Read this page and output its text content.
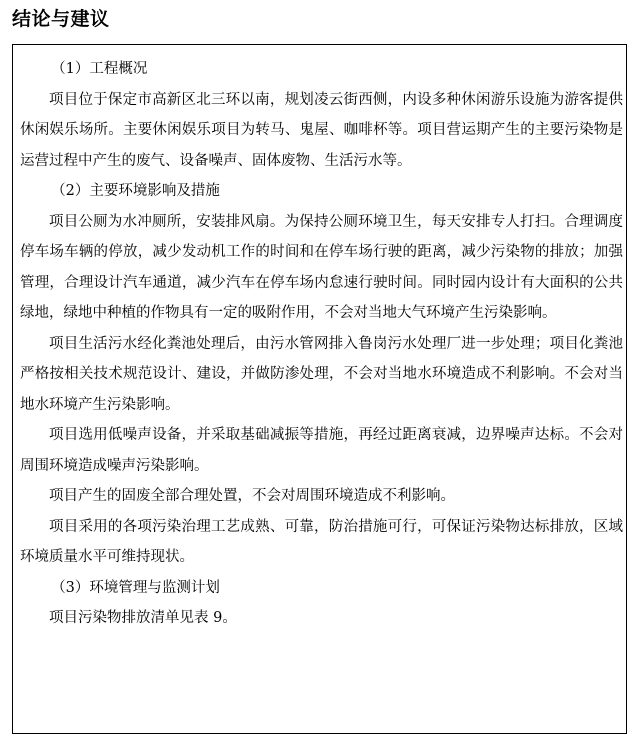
结论与建议

（1）工程概况

项目位于保定市高新区北三环以南，规划凌云街西侧，内设多种休闲游乐设施为游客提供休闲娱乐场所。主要休闲娱乐项目为转马、鬼屋、咖啡杯等。项目营运期产生的主要污染物是运营过程中产生的废气、设备噪声、固体废物、生活污水等。

（2）主要环境影响及措施

项目公厕为水冲厕所，安装排风扇。为保持公厕环境卫生，每天安排专人打扫。合理调度停车场车辆的停放，减少发动机工作的时间和在停车场行驶的距离，减少污染物的排放；加强管理，合理设计汽车通道，减少汽车在停车场内怠速行驶时间。同时园内设计有大面积的公共绿地，绿地中种植的作物具有一定的吸附作用，不会对当地大气环境产生污染影响。

项目生活污水经化粪池处理后，由污水管网排入鲁岗污水处理厂进一步处理；项目化粪池严格按相关技术规范设计、建设，并做防渗处理，不会对当地水环境造成不利影响。不会对当地水环境产生污染影响。

项目选用低噪声设备，并采取基础减振等措施，再经过距离衰减，边界噪声达标。不会对周围环境造成噪声污染影响。

项目产生的固废全部合理处置，不会对周围环境造成不利影响。

项目采用的各项污染治理工艺成熟、可靠，防治措施可行，可保证污染物达标排放，区域环境质量水平可维持现状。

（3）环境管理与监测计划

项目污染物排放清单见表 9。
